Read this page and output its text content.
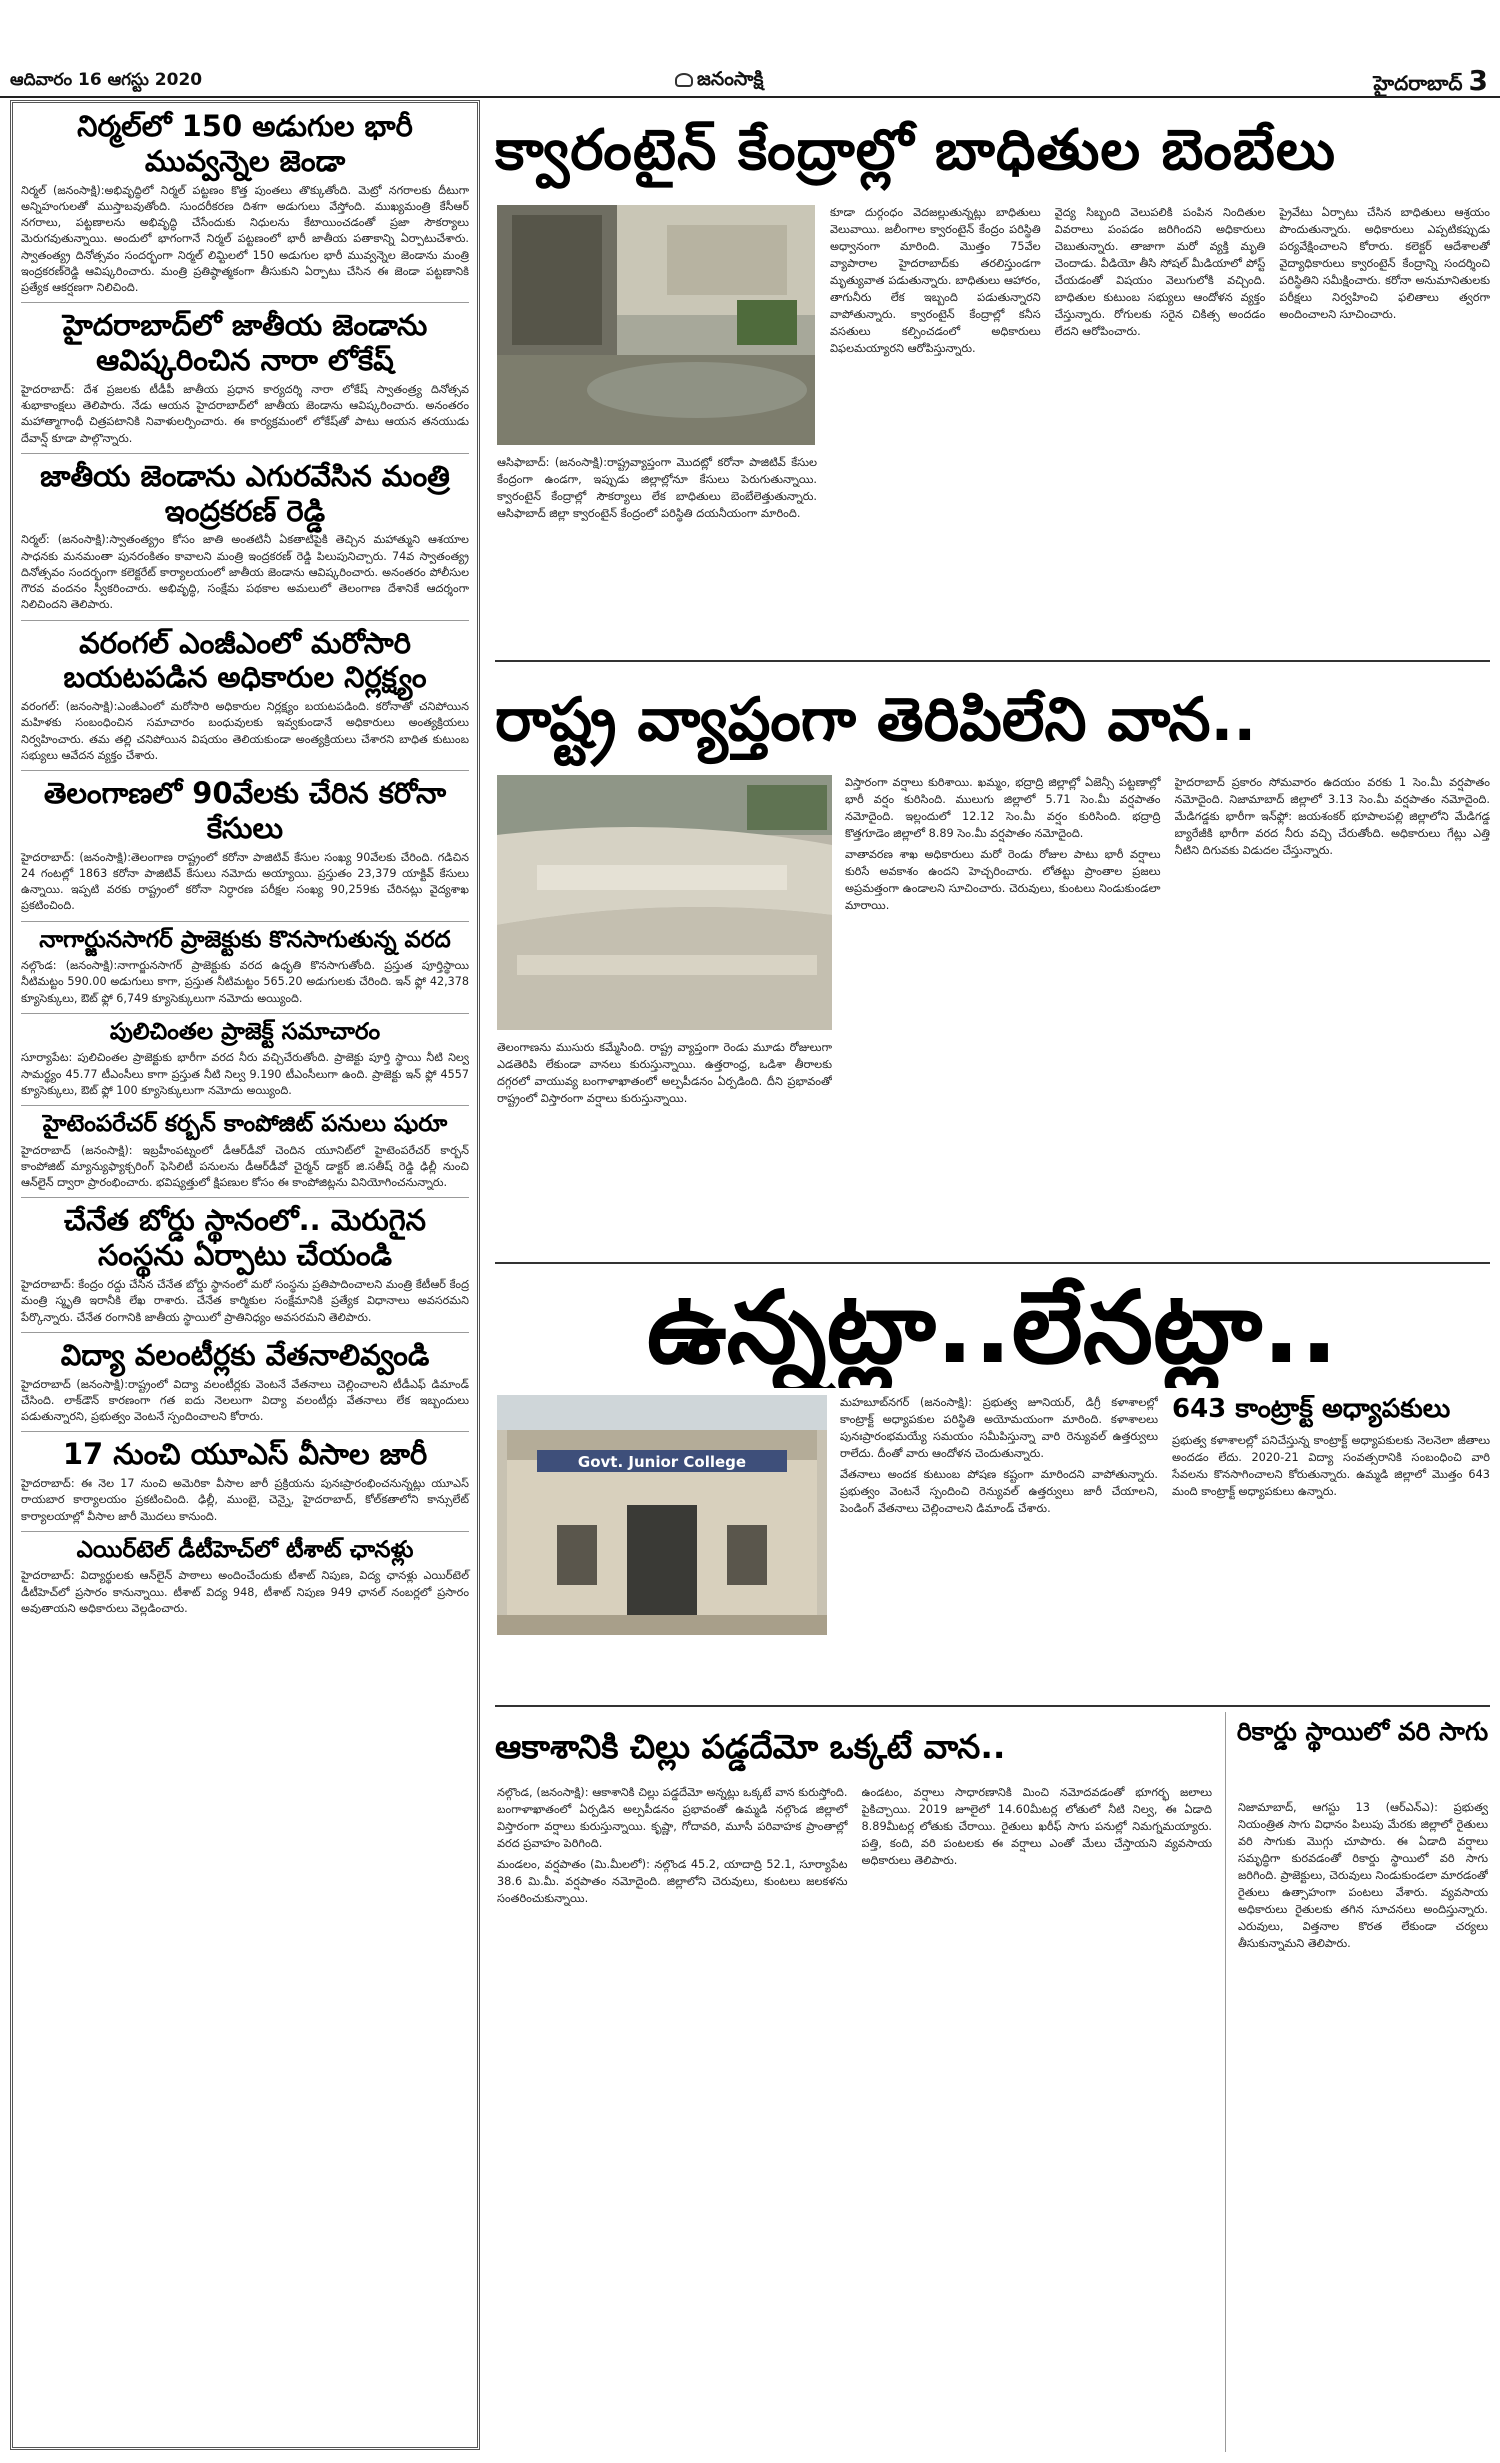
ఆదివారం 16 ఆగస్టు 2020	జనంసాక్షి	హైదరాబాద్ 3
నిర్మల్‌లో 150 అడుగుల భారీ మువ్వన్నెల జెండా
నిర్మల్‌ (జనంసాక్షి):అభివృద్ధిలో నిర్మల్ పట్టణం కొత్త పుంతలు తొక్కుతోంది. మెట్రో నగరాలకు దీటుగా అన్నిహంగులతో ముస్తాబవుతోంది. సుందరీకరణ దిశగా అడుగులు వేస్తోంది. ముఖ్యమంత్రి కేసీఆర్ నగరాలు, పట్టణాలను అభివృద్ధి చేసేందుకు నిధులను కేటాయించడంతో ప్రజా సౌకర్యాలు మెరుగవుతున్నాయి. అందులో భాగంగానే నిర్మల్ పట్టణంలో భారీ జాతీయ పతాకాన్ని ఏర్పాటుచేశారు. స్వాతంత్య్ర దినోత్సవం సందర్భంగా నిర్మల్ లిమ్టిలలో 150 అడుగుల భారీ మువ్వన్నెల జెండాను మంత్రి ఇంద్రకరణ్‌రెడ్డి ఆవిష్కరించారు. మంత్రి ప్రతిష్ఠాత్మకంగా తీసుకుని ఏర్పాటు చేసిన ఈ జెండా పట్టణానికి ప్రత్యేక ఆకర్షణగా నిలిచింది.
హైదరాబాద్‌లో జాతీయ జెండాను ఆవిష్కరించిన నారా లోకేష్‌
హైదరాబాద్‌: దేశ ప్రజలకు టీడీపీ జాతీయ ప్రధాన కార్యదర్శి నారా లోకేష్ స్వాతంత్ర్య దినోత్సవ శుభాకాంక్షలు తెలిపారు. నేడు ఆయన హైదరాబాద్‌లో జాతీయ జెండాను ఆవిష్కరించారు. అనంతరం మహాత్మాగాంధీ చిత్రపటానికి నివాళులర్పించారు. ఈ కార్యక్రమంలో లోకేష్‌తో పాటు ఆయన తనయుడు దేవాన్ష్ కూడా పాల్గొన్నారు.
జాతీయ జెండాను ఎగురవేసిన మంత్రి ఇంద్రకరణ్ రెడ్డి
నిర్మల్‌: (జనంసాక్షి):స్వాతంత్య్రం కోసం జాతి అంతటినీ ఏకతాటిపైకి తెచ్చిన మహాత్ముని ఆశయాల సాధనకు మనమంతా పునరంకితం కావాలని మంత్రి ఇంద్రకరణ్ రెడ్డి పిలుపునిచ్చారు. 74వ స్వాతంత్య్ర దినోత్సవం సందర్భంగా కలెక్టరేట్ కార్యాలయంలో జాతీయ జెండాను ఆవిష్కరించారు. అనంతరం పోలీసుల గౌరవ వందనం స్వీకరించారు. అభివృద్ధి, సంక్షేమ పథకాల అమలులో తెలంగాణ దేశానికే ఆదర్శంగా నిలిచిందని తెలిపారు.
వరంగల్ ఎంజీఎంలో మరోసారి బయటపడిన అధికారుల నిర్లక్ష్యం
వరంగల్‌: (జనంసాక్షి):ఎంజీఎంలో మరోసారి అధికారుల నిర్లక్ష్యం బయటపడింది. కరోనాతో చనిపోయిన మహిళకు సంబంధించిన సమాచారం బంధువులకు ఇవ్వకుండానే అధికారులు అంత్యక్రియలు నిర్వహించారు. తమ తల్లి చనిపోయిన విషయం తెలియకుండా అంత్యక్రియలు చేశారని బాధిత కుటుంబ సభ్యులు ఆవేదన వ్యక్తం చేశారు.
తెలంగాణలో 90వేలకు చేరిన కరోనా కేసులు
హైదరాబాద్‌: (జనంసాక్షి):తెలంగాణ రాష్ట్రంలో కరోనా పాజిటివ్ కేసుల సంఖ్య 90వేలకు చేరింది. గడిచిన 24 గంటల్లో 1863 కరోనా పాజిటివ్ కేసులు నమోదు అయ్యాయి. ప్రస్తుతం 23,379 యాక్టివ్ కేసులు ఉన్నాయి. ఇప్పటి వరకు రాష్ట్రంలో కరోనా నిర్ధారణ పరీక్షల సంఖ్య 90,259కు చేరినట్లు వైద్యశాఖ ప్రకటించింది.
నాగార్జునసాగర్ ప్రాజెక్టుకు కొనసాగుతున్న వరద
నల్గొండ: (జనంసాక్షి):నాగార్జునసాగర్ ప్రాజెక్టుకు వరద ఉధృతి కొనసాగుతోంది. ప్రస్తుత పూర్తిస్థాయి నీటిమట్టం 590.00 అడుగులు కాగా, ప్రస్తుత నీటిమట్టం 565.20 అడుగులకు చేరింది. ఇన్ ఫ్లో 42,378 క్యూసెక్కులు, ఔట్ ఫ్లో 6,749 క్యూసెక్కులుగా నమోదు అయ్యింది.
పులిచింతల ప్రాజెక్ట్ సమాచారం
సూర్యాపేట: పులిచింతల ప్రాజెక్టుకు భారీగా వరద నీరు వచ్చిచేరుతోంది. ప్రాజెక్టు పూర్తి స్థాయి నీటి నిల్వ సామర్థ్యం 45.77 టీఎంసీలు కాగా ప్రస్తుత నీటి నిల్వ 9.190 టీఎంసీలుగా ఉంది. ప్రాజెక్టు ఇన్ ఫ్లో 4557 క్యూసెక్కులు, ఔట్ ఫ్లో 100 క్యూసెక్కులుగా నమోదు అయ్యింది.
హైటెంపరేచర్ కర్బన్ కాంపోజిట్ పనులు షురూ
హైదరాబాద్‌ (జనంసాక్షి): ఇబ్రహీంపట్నంలో డీఆర్‌డీవో చెందిన యూనిట్‌లో హైటెంపరేచర్ కార్బన్ కాంపోజిట్ మ్యాన్యుఫ్యాక్చరింగ్ ఫెసిలిటీ పనులను డీఆర్‌డీవో చైర్మన్ డాక్టర్ జి.సతీష్ రెడ్డి ఢిల్లీ నుంచి ఆన్‌లైన్ ద్వారా ప్రారంభించారు. భవిష్యత్తులో క్షిపణుల కోసం ఈ కాంపోజిట్లను వినియోగించనున్నారు.
చేనేత బోర్డు స్థానంలో.. మెరుగైన సంస్థను ఏర్పాటు చేయండి
హైదరాబాద్‌: కేంద్రం రద్దు చేసిన చేనేత బోర్డు స్థానంలో మరో సంస్థను ప్రతిపాదించాలని మంత్రి కేటీఆర్ కేంద్ర మంత్రి స్మృతి ఇరానీకి లేఖ రాశారు. చేనేత కార్మికుల సంక్షేమానికి ప్రత్యేక విధానాలు అవసరమని పేర్కొన్నారు. చేనేత రంగానికి జాతీయ స్థాయిలో ప్రాతినిధ్యం అవసరమని తెలిపారు.
విద్యా వలంటీర్లకు వేతనాలివ్వండి
హైదరాబాద్‌ (జనంసాక్షి):రాష్ట్రంలో విద్యా వలంటీర్లకు వెంటనే వేతనాలు చెల్లించాలని టీడీఎఫ్ డిమాండ్ చేసింది. లాక్‌డౌన్ కారణంగా గత ఐదు నెలలుగా విద్యా వలంటీర్లు వేతనాలు లేక ఇబ్బందులు పడుతున్నారని, ప్రభుత్వం వెంటనే స్పందించాలని కోరారు.
17 నుంచి యూఎస్ వీసాల జారీ
హైదరాబాద్‌: ఈ నెల 17 నుంచి అమెరికా వీసాల జారీ ప్రక్రియను పునఃప్రారంభించనున్నట్లు యూఎస్ రాయబార కార్యాలయం ప్రకటించింది. ఢిల్లీ, ముంబై, చెన్నై, హైదరాబాద్, కోల్‌కతాలోని కాన్సులేట్ కార్యాలయాల్లో వీసాల జారీ మొదలు కానుంది.
ఎయిర్‌టెల్ డీటీహెచ్‌లో టీశాట్ ఛానళ్లు
హైదరాబాద్‌: విద్యార్థులకు ఆన్‌లైన్ పాఠాలు అందించేందుకు టీశాట్ నిపుణ, విద్య ఛానళ్లు ఎయిర్‌టెల్ డీటీహెచ్‌లో ప్రసారం కానున్నాయి. టీశాట్ విద్య 948, టీశాట్ నిపుణ 949 ఛానల్ నంబర్లలో ప్రసారం అవుతాయని అధికారులు వెల్లడించారు.
క్వారంటైన్ కేంద్రాల్లో బాధితుల బెంబేలు

కూడా దుర్గంధం వెదజల్లుతున్నట్లు బాధితులు వెలువాయి. జలీంగాల క్వారంటైన్ కేంద్రం పరిస్థితి అధ్వానంగా మారింది. మొత్తం 75వేల వ్యాపారాల హైదరాబాద్‌కు తరలిస్తుండగా మృత్యువాత పడుతున్నారు. బాధితులు ఆహారం, తాగునీరు లేక ఇబ్బంది పడుతున్నారని వాపోతున్నారు. క్వారంటైన్ కేంద్రాల్లో కనీస వసతులు కల్పించడంలో అధికారులు విఫలమయ్యారని ఆరోపిస్తున్నారు.

వైద్య సిబ్బంది వెలుపలికి పంపిన నిందితుల వివరాలు పంపడం జరిగిందని అధికారులు చెబుతున్నారు. తాజాగా మరో వ్యక్తి మృతి చెందాడు. వీడియో తీసి సోషల్ మీడియాలో పోస్ట్ చేయడంతో విషయం వెలుగులోకి వచ్చింది. బాధితుల కుటుంబ సభ్యులు ఆందోళన వ్యక్తం చేస్తున్నారు. రోగులకు సరైన చికిత్స అందడం లేదని ఆరోపించారు.

ప్రైవేటు ఏర్పాటు చేసిన బాధితులు ఆశ్రయం పొందుతున్నారు. అధికారులు ఎప్పటికప్పుడు పర్యవేక్షించాలని కోరారు. కలెక్టర్ ఆదేశాలతో వైద్యాధికారులు క్వారంటైన్ కేంద్రాన్ని సందర్శించి పరిస్థితిని సమీక్షించారు. కరోనా అనుమానితులకు పరీక్షలు నిర్వహించి ఫలితాలు త్వరగా అందించాలని సూచించారు.

ఆసిఫాబాద్‌: (జనంసాక్షి):రాష్ట్రవ్యాప్తంగా మొదట్లో కరోనా పాజిటివ్ కేసుల కేంద్రంగా ఉండగా, ఇప్పుడు జిల్లాల్లోనూ కేసులు పెరుగుతున్నాయి. క్వారంటైన్ కేంద్రాల్లో సౌకర్యాలు లేక బాధితులు బెంబేలెత్తుతున్నారు. ఆసిఫాబాద్ జిల్లా క్వారంటైన్ కేంద్రంలో పరిస్థితి దయనీయంగా మారింది.
రాష్ట్ర వ్యాప్తంగా తెరిపిలేని వాన..

విస్తారంగా వర్షాలు కురిశాయి. ఖమ్మం, భద్రాద్రి జిల్లాల్లో ఏజెన్సీ పట్టణాల్లో భారీ వర్షం కురిసింది. ములుగు జిల్లాలో 5.71 సెం.మీ వర్షపాతం నమోదైంది. ఇల్లందులో 12.12 సెం.మీ వర్షం కురిసింది. భద్రాద్రి కొత్తగూడెం జిల్లాలో 8.89 సెం.మీ వర్షపాతం నమోదైంది.

వాతావరణ శాఖ అధికారులు మరో రెండు రోజుల పాటు భారీ వర్షాలు కురిసే అవకాశం ఉందని హెచ్చరించారు. లోతట్టు ప్రాంతాల ప్రజలు అప్రమత్తంగా ఉండాలని సూచించారు. చెరువులు, కుంటలు నిండుకుండలా మారాయి.

హైదరాబాద్‌ ప్రకారం సోమవారం ఉదయం వరకు 1 సెం.మీ వర్షపాతం నమోదైంది. నిజామాబాద్ జిల్లాలో 3.13 సెం.మీ వర్షపాతం నమోదైంది. మేడిగడ్డకు భారీగా ఇన్‌ఫ్లో: జయశంకర్ భూపాలపల్లి జిల్లాలోని మేడిగడ్డ బ్యారేజీకి భారీగా వరద నీరు వచ్చి చేరుతోంది. అధికారులు గేట్లు ఎత్తి నీటిని దిగువకు విడుదల చేస్తున్నారు.

తెలంగాణను ముసురు కమ్మేసింది. రాష్ట్ర వ్యాప్తంగా రెండు మూడు రోజులుగా ఎడతెరిపి లేకుండా వానలు కురుస్తున్నాయి. ఉత్తరాంధ్ర, ఒడిశా తీరాలకు దగ్గరలో వాయువ్య బంగాళాఖాతంలో అల్పపీడనం ఏర్పడింది. దీని ప్రభావంతో రాష్ట్రంలో విస్తారంగా వర్షాలు కురుస్తున్నాయి.
ఉన్నట్లా..లేనట్లా..
Govt. Junior College

మహబూబ్‌నగర్‌ (జనంసాక్షి): ప్రభుత్వ జూనియర్, డిగ్రీ కళాశాలల్లో కాంట్రాక్ట్ అధ్యాపకుల పరిస్థితి అయోమయంగా మారింది. కళాశాలలు పునఃప్రారంభమయ్యే సమయం సమీపిస్తున్నా వారి రెన్యువల్ ఉత్తర్వులు రాలేదు. దీంతో వారు ఆందోళన చెందుతున్నారు.

వేతనాలు అందక కుటుంబ పోషణ కష్టంగా మారిందని వాపోతున్నారు. ప్రభుత్వం వెంటనే స్పందించి రెన్యువల్ ఉత్తర్వులు జారీ చేయాలని, పెండింగ్ వేతనాలు చెల్లించాలని డిమాండ్ చేశారు.

643 కాంట్రాక్ట్ అధ్యాపకులు

ప్రభుత్వ కళాశాలల్లో పనిచేస్తున్న కాంట్రాక్ట్ అధ్యాపకులకు నెలనెలా జీతాలు అందడం లేదు. 2020-21 విద్యా సంవత్సరానికి సంబంధించి వారి సేవలను కొనసాగించాలని కోరుతున్నారు. ఉమ్మడి జిల్లాలో మొత్తం 643 మంది కాంట్రాక్ట్ అధ్యాపకులు ఉన్నారు.

ఆకాశానికి చిల్లు పడ్డదేమో ఒక్కటే వాన..

నల్గొండ, (జనంసాక్షి): ఆకాశానికి చిల్లు పడ్డదేమో అన్నట్లు ఒక్కటే వాన కురుస్తోంది. బంగాళాఖాతంలో ఏర్పడిన అల్పపీడనం ప్రభావంతో ఉమ్మడి నల్గొండ జిల్లాలో విస్తారంగా వర్షాలు కురుస్తున్నాయి. కృష్ణా, గోదావరి, మూసీ పరివాహక ప్రాంతాల్లో వరద ప్రవాహం పెరిగింది.

మండలం, వర్షపాతం (మి.మీలలో): నల్గొండ 45.2, యాదాద్రి 52.1, సూర్యాపేట 38.6 మి.మీ. వర్షపాతం నమోదైంది. జిల్లాలోని చెరువులు, కుంటలు జలకళను సంతరించుకున్నాయి.

ఉండటం, వర్షాలు సాధారణానికి మించి నమోదవడంతో భూగర్భ జలాలు పైకిచ్చాయి. 2019 జూలైలో 14.60మీటర్ల లోతులో నీటి నిల్వ, ఈ ఏడాది 8.89మీటర్ల లోతుకు చేరాయి. రైతులు ఖరీఫ్ సాగు పనుల్లో నిమగ్నమయ్యారు. పత్తి, కంది, వరి పంటలకు ఈ వర్షాలు ఎంతో మేలు చేస్తాయని వ్యవసాయ అధికారులు తెలిపారు.

రికార్డు స్థాయిలో వరి సాగు
నిజామాబాద్, ఆగస్టు 13 (ఆర్‌ఎన్‌ఎ): ప్రభుత్వ నియంత్రిత సాగు విధానం పిలుపు మేరకు జిల్లాలో రైతులు వరి సాగుకు మొగ్గు చూపారు. ఈ ఏడాది వర్షాలు సమృద్ధిగా కురవడంతో రికార్డు స్థాయిలో వరి సాగు జరిగింది. ప్రాజెక్టులు, చెరువులు నిండుకుండలా మారడంతో రైతులు ఉత్సాహంగా పంటలు వేశారు. వ్యవసాయ అధికారులు రైతులకు తగిన సూచనలు అందిస్తున్నారు. ఎరువులు, విత్తనాల కొరత లేకుండా చర్యలు తీసుకున్నామని తెలిపారు.
